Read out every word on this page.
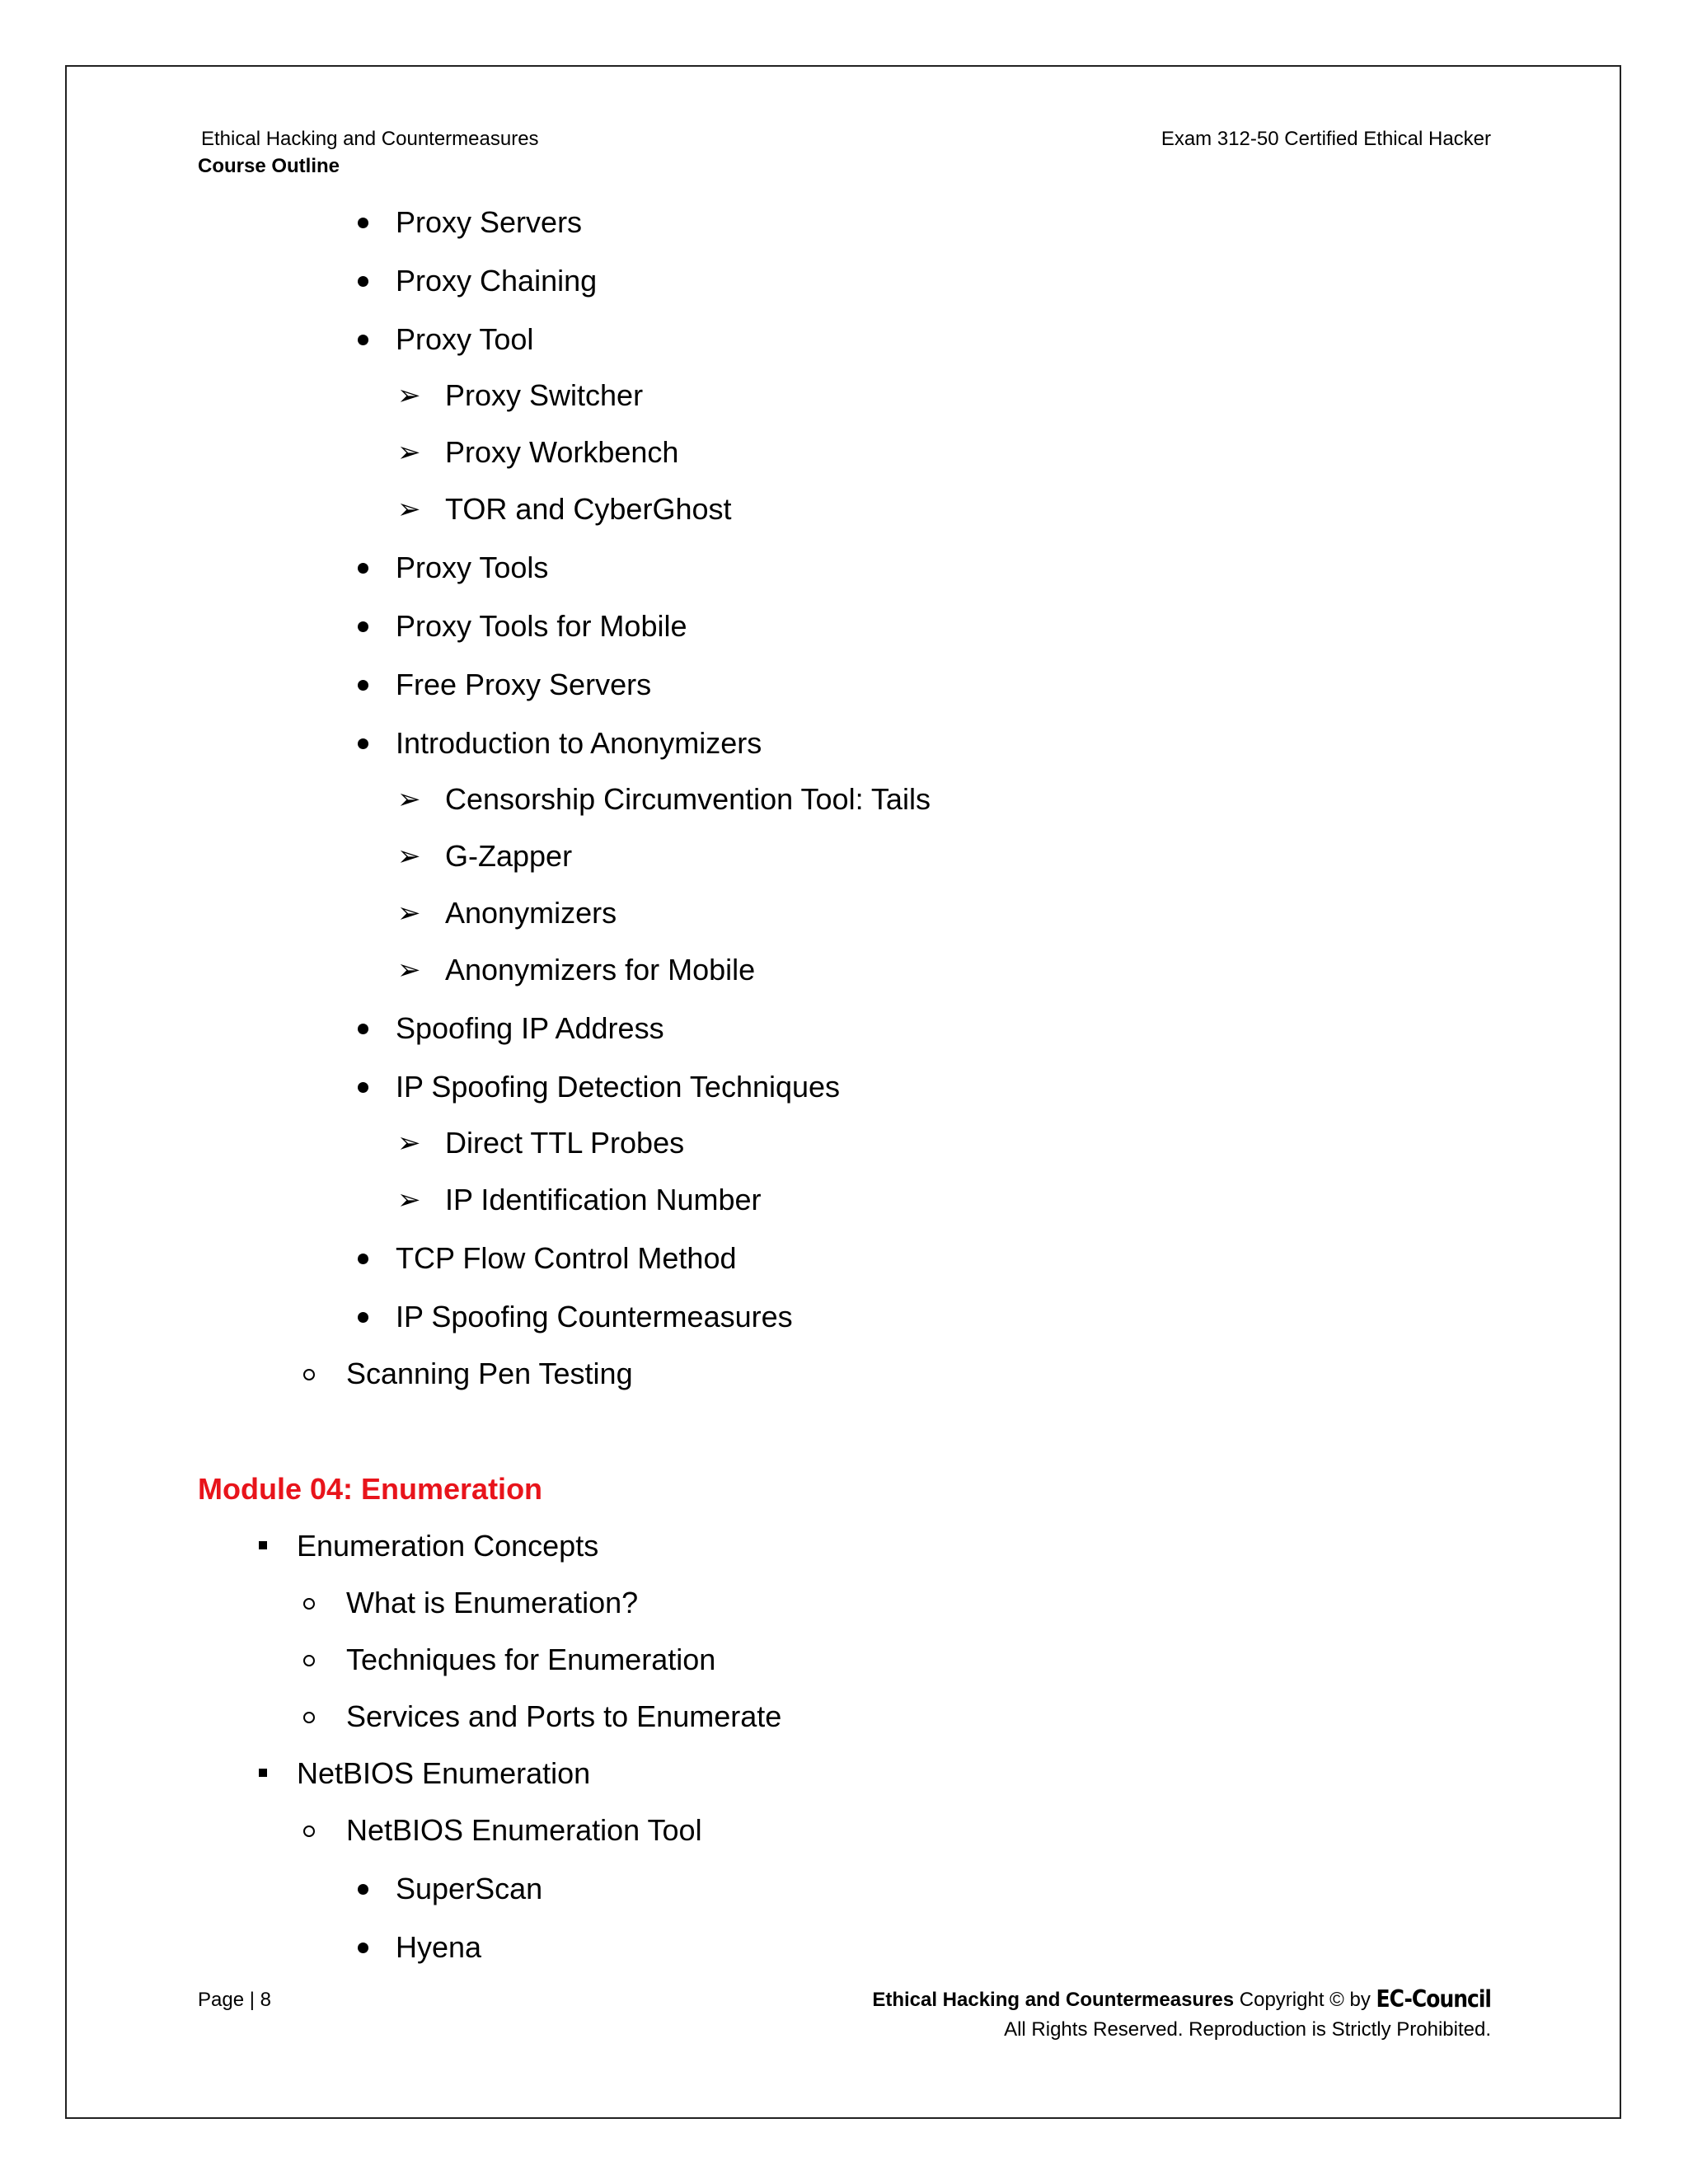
Ethical Hacking and Countermeasures
Course Outline
Exam 312-50 Certified Ethical Hacker
Proxy Servers
Proxy Chaining
Proxy Tool
➢ Proxy Switcher
➢ Proxy Workbench
➢ TOR and CyberGhost
Proxy Tools
Proxy Tools for Mobile
Free Proxy Servers
Introduction to Anonymizers
➢ Censorship Circumvention Tool: Tails
➢ G-Zapper
➢ Anonymizers
➢ Anonymizers for Mobile
Spoofing IP Address
IP Spoofing Detection Techniques
➢ Direct TTL Probes
➢ IP Identification Number
TCP Flow Control Method
IP Spoofing Countermeasures
Scanning Pen Testing
Module 04: Enumeration
Enumeration Concepts
What is Enumeration?
Techniques for Enumeration
Services and Ports to Enumerate
NetBIOS Enumeration
NetBIOS Enumeration Tool
SuperScan
Hyena
Page | 8	Ethical Hacking and Countermeasures Copyright © by EC-Council
All Rights Reserved. Reproduction is Strictly Prohibited.
